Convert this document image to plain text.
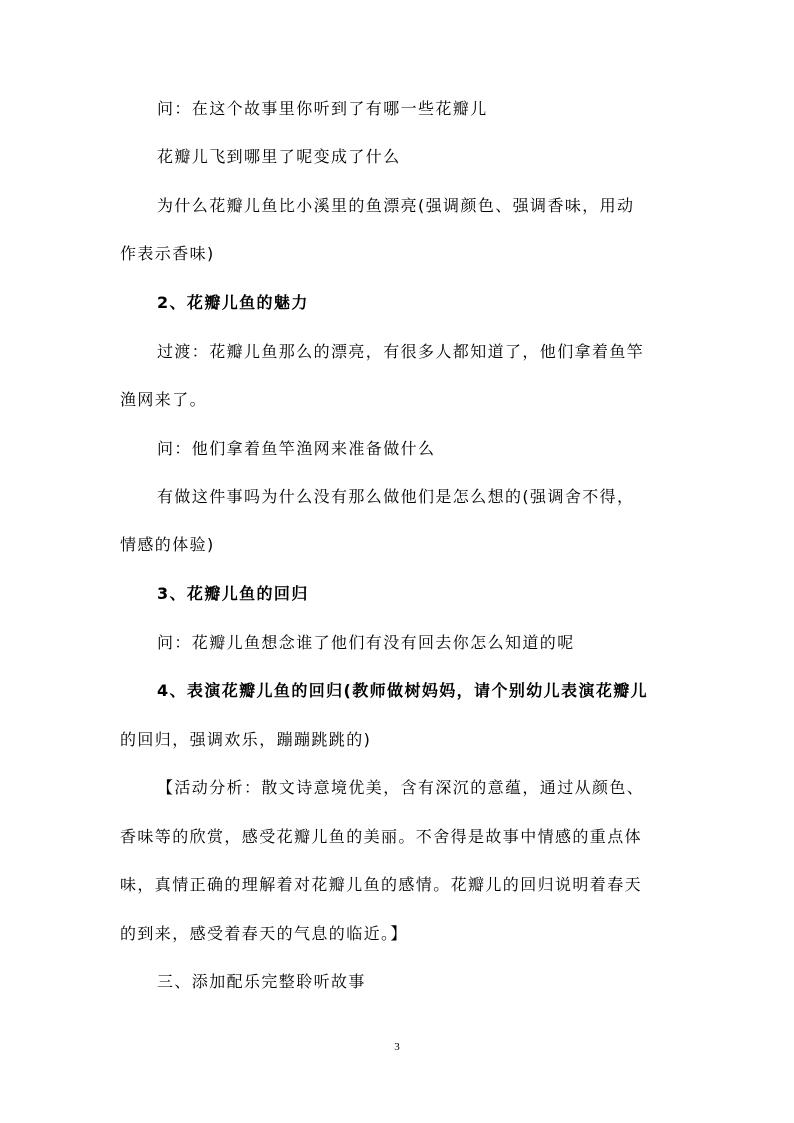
问：在这个故事里你听到了有哪一些花瓣儿
花瓣儿飞到哪里了呢变成了什么
为什么花瓣儿鱼比小溪里的鱼漂亮(强调颜色、强调香味，用动
作表示香味)
2、花瓣儿鱼的魅力
过渡：花瓣儿鱼那么的漂亮，有很多人都知道了，他们拿着鱼竿
渔网来了。
问：他们拿着鱼竿渔网来准备做什么
有做这件事吗为什么没有那么做他们是怎么想的(强调舍不得，
情感的体验)
3、花瓣儿鱼的回归
问：花瓣儿鱼想念谁了他们有没有回去你怎么知道的呢
4、表演花瓣儿鱼的回归(教师做树妈妈，请个别幼儿表演花瓣儿
的回归，强调欢乐，蹦蹦跳跳的)
【活动分析：散文诗意境优美，含有深沉的意蕴，通过从颜色、
香味等的欣赏，感受花瓣儿鱼的美丽。不舍得是故事中情感的重点体
味，真情正确的理解着对花瓣儿鱼的感情。花瓣儿的回归说明着春天
的到来，感受着春天的气息的临近。】
三、添加配乐完整聆听故事
3
